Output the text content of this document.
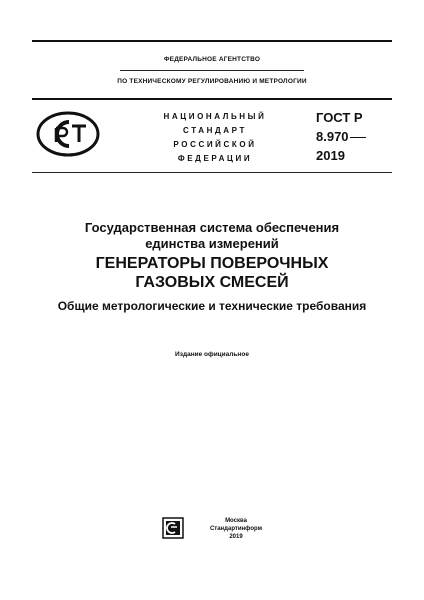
ФЕДЕРАЛЬНОЕ АГЕНТСТВО
ПО ТЕХНИЧЕСКОМУ РЕГУЛИРОВАНИЮ И МЕТРОЛОГИИ
НАЦИОНАЛЬНЫЙ
СТАНДАРТ
РОССИЙСКОЙ
ФЕДЕРАЦИИ
ГОСТ Р
8.970
2019
Государственная система обеспечения
единства измерений
ГЕНЕРАТОРЫ ПОВЕРОЧНЫХ
ГАЗОВЫХ СМЕСЕЙ
Общие метрологические и технические требования
Издание официальное
Москва
Стандартинформ
2019
